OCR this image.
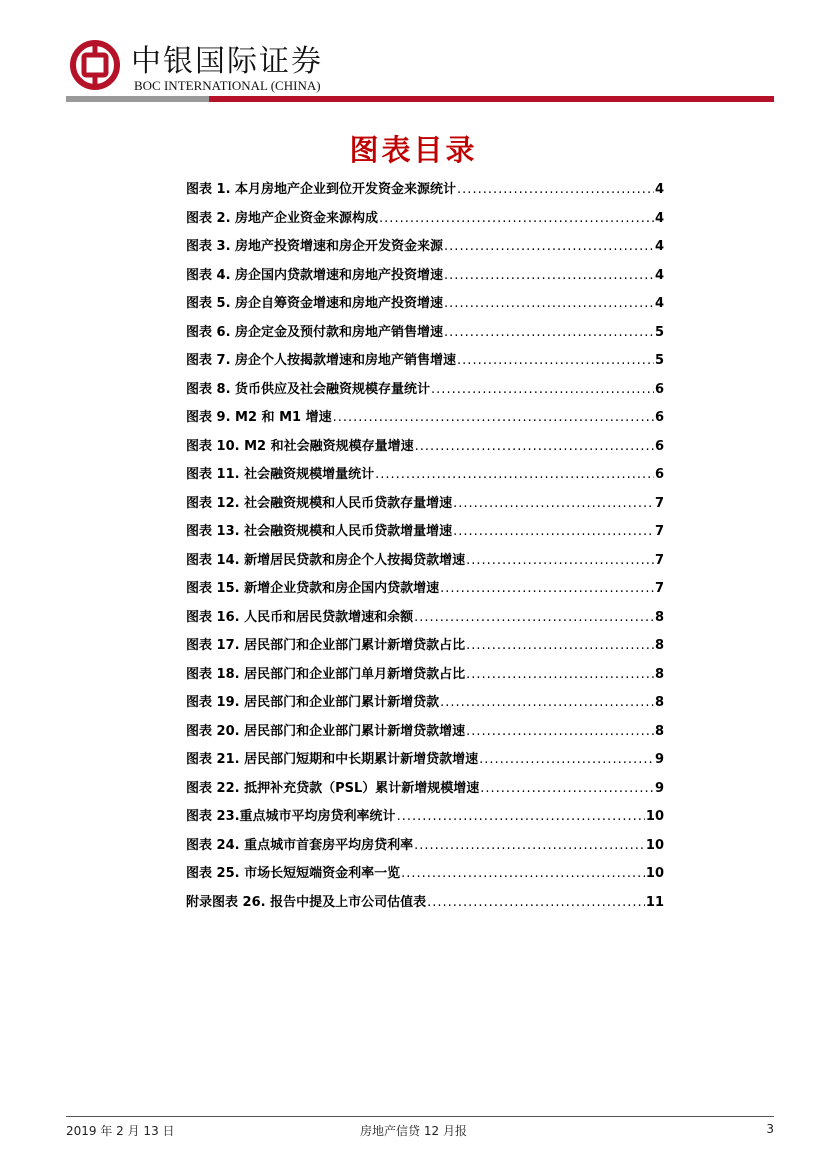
中银国际证券
BOC INTERNATIONAL (CHINA)
图表目录
图表 1. 本月房地产企业到位开发资金来源统计 .....	4
图表 2. 房地产企业资金来源构成 .....	4
图表 3. 房地产投资增速和房企开发资金来源 .....	4
图表 4. 房企国内贷款增速和房地产投资增速 .....	4
图表 5. 房企自筹资金增速和房地产投资增速 .....	4
图表 6. 房企定金及预付款和房地产销售增速 .....	5
图表 7. 房企个人按揭款增速和房地产销售增速 .....	5
图表 8. 货币供应及社会融资规模存量统计 .....	6
图表 9. M2 和 M1 增速 .....	6
图表 10. M2 和社会融资规模存量增速 .....	6
图表 11. 社会融资规模增量统计 .....	6
图表 12. 社会融资规模和人民币贷款存量增速 .....	7
图表 13. 社会融资规模和人民币贷款增量增速 .....	7
图表 14. 新增居民贷款和房企个人按揭贷款增速 .....	7
图表 15. 新增企业贷款和房企国内贷款增速 .....	7
图表 16. 人民币和居民贷款增速和余额 .....	8
图表 17. 居民部门和企业部门累计新增贷款占比 .....	8
图表 18. 居民部门和企业部门单月新增贷款占比 .....	8
图表 19. 居民部门和企业部门累计新增贷款 .....	8
图表 20. 居民部门和企业部门累计新增贷款增速 .....	8
图表 21. 居民部门短期和中长期累计新增贷款增速 .....	9
图表 22. 抵押补充贷款（PSL）累计新增规模增速 .....	9
图表 23.重点城市平均房贷利率统计 .....	10
图表 24. 重点城市首套房平均房贷利率 .....	10
图表 25. 市场长短短端资金利率一览 .....	10
附录图表 26. 报告中提及上市公司估值表 .....	11
2019 年 2 月 13 日	房地产信贷 12 月报	3
